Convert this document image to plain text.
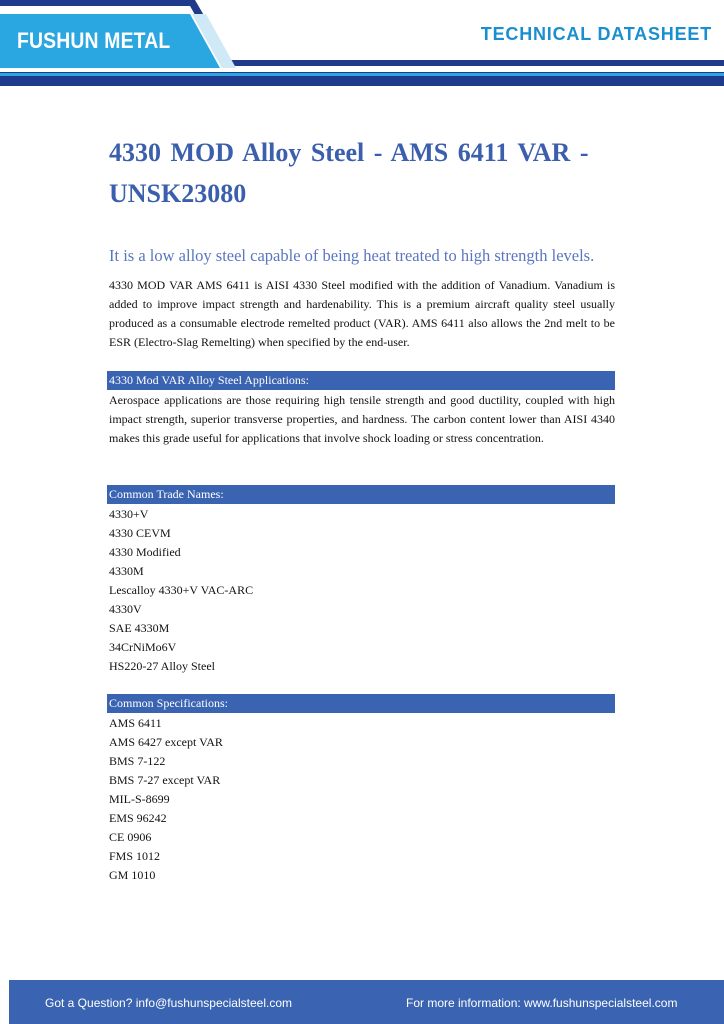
FUSHUN METAL	TECHNICAL DATASHEET
4330 MOD Alloy Steel - AMS 6411 VAR - UNSK23080
It is a low alloy steel capable of being heat treated to high strength levels.

4330 MOD VAR AMS 6411 is AISI 4330 Steel modified with the addition of Vanadium. Vanadium is added to improve impact strength and hardenability. This is a premium aircraft quality steel usually produced as a consumable electrode remelted product (VAR). AMS 6411 also allows the 2nd melt to be ESR (Electro-Slag Remelting) when specified by the end-user.

4330 Mod VAR Alloy Steel Applications:

Aerospace applications are those requiring high tensile strength and good ductility, coupled with high impact strength, superior transverse properties, and hardness. The carbon content lower than AISI 4340 makes this grade useful for applications that involve shock loading or stress concentration.

Common Trade Names:
4330+V
4330 CEVM
4330 Modified
4330M
Lescalloy 4330+V VAC-ARC
4330V
SAE 4330M
34CrNiMo6V
HS220-27 Alloy Steel
Common Specifications:
AMS 6411
AMS 6427 except VAR
BMS 7-122
BMS 7-27 except VAR
MIL-S-8699
EMS 96242
CE 0906
FMS 1012
GM 1010
Got a Question? info@fushunspecialsteel.com	For more information: www.fushunspecialsteel.com
